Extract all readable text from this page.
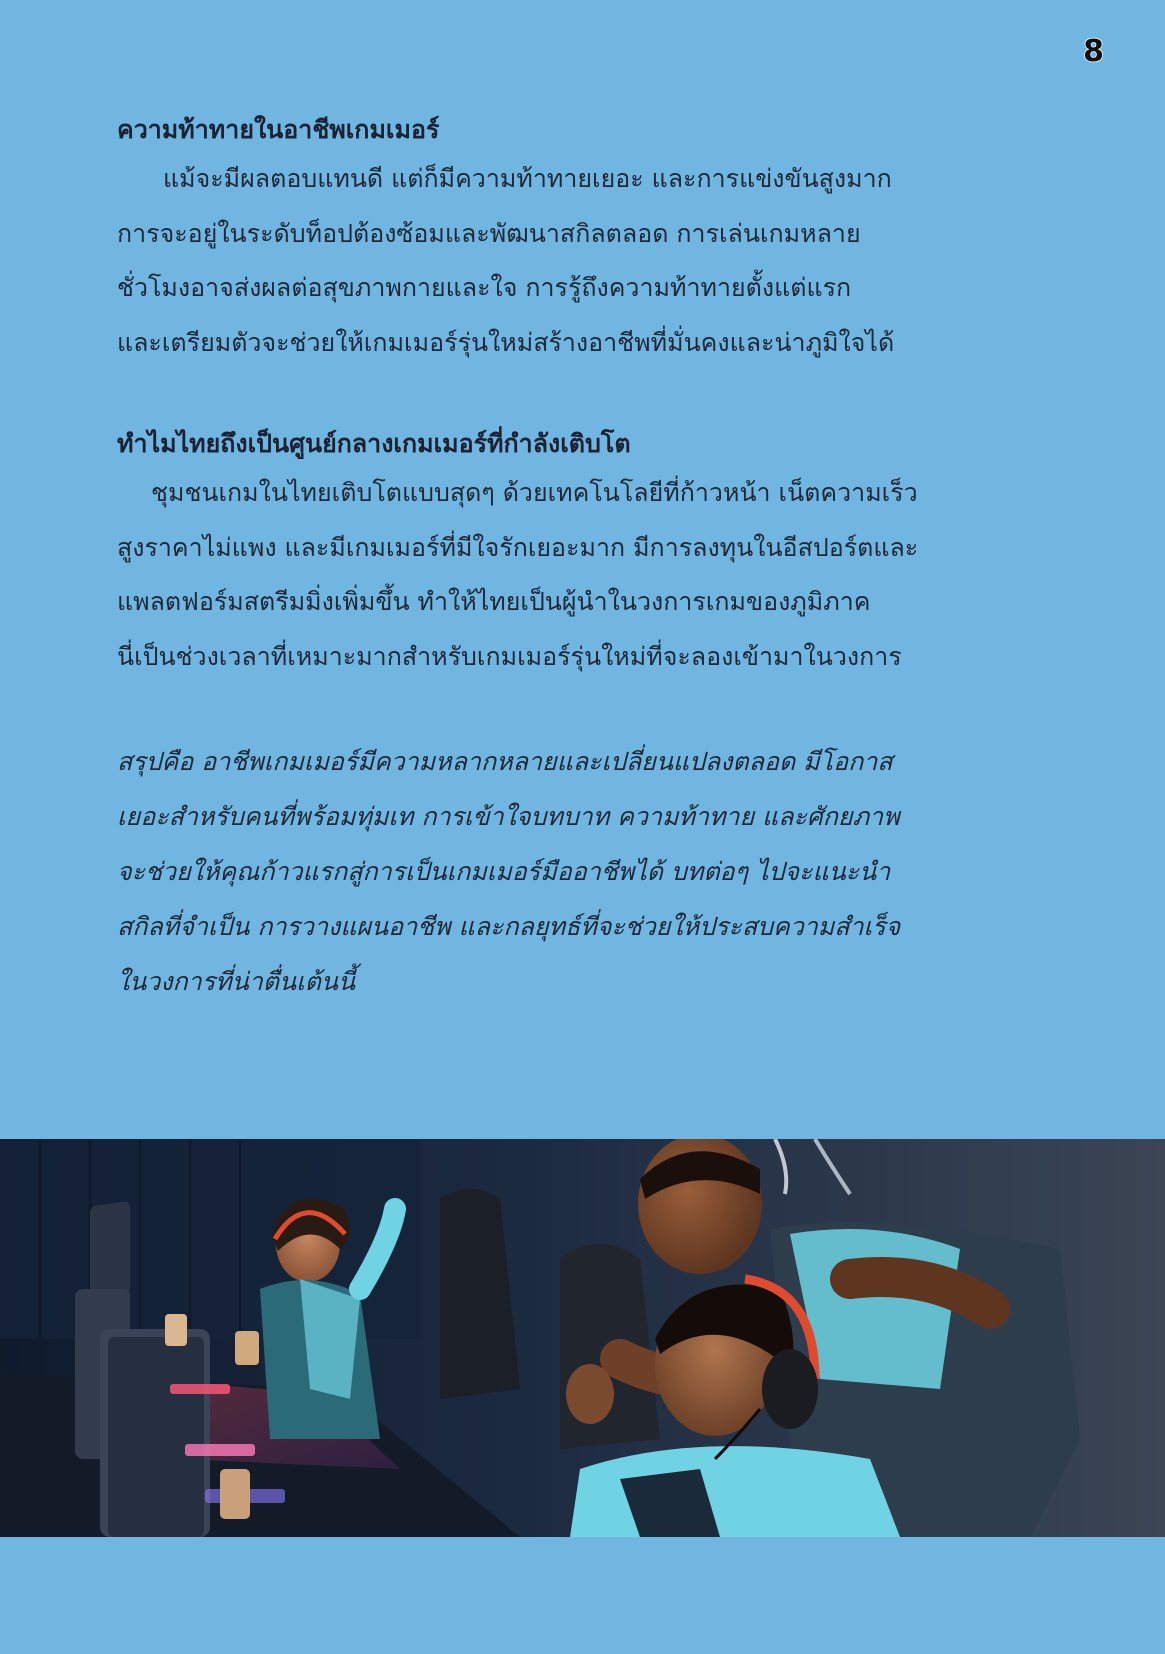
8
ความท้าทายในอาชีพเกมเมอร์

แม้จะมีผลตอบแทนดี แต่ก็มีความท้าทายเยอะ และการแข่งขันสูงมาก
การจะอยู่ในระดับท็อปต้องซ้อมและพัฒนาสกิลตลอด การเล่นเกมหลาย
ชั่วโมงอาจส่งผลต่อสุขภาพกายและใจ การรู้ถึงความท้าทายตั้งแต่แรก
และเตรียมตัวจะช่วยให้เกมเมอร์รุ่นใหม่สร้างอาชีพที่มั่นคงและน่าภูมิใจได้

ทำไมไทยถึงเป็นศูนย์กลางเกมเมอร์ที่กำลังเติบโต

ชุมชนเกมในไทยเติบโตแบบสุดๆ ด้วยเทคโนโลยีที่ก้าวหน้า เน็ตความเร็ว
สูงราคาไม่แพง และมีเกมเมอร์ที่มีใจรักเยอะมาก มีการลงทุนในอีสปอร์ตและ
แพลตฟอร์มสตรีมมิ่งเพิ่มขึ้น ทำให้ไทยเป็นผู้นำในวงการเกมของภูมิภาค
นี่เป็นช่วงเวลาที่เหมาะมากสำหรับเกมเมอร์รุ่นใหม่ที่จะลองเข้ามาในวงการ

สรุปคือ อาชีพเกมเมอร์มีความหลากหลายและเปลี่ยนแปลงตลอด มีโอกาส
เยอะสำหรับคนที่พร้อมทุ่มเท การเข้าใจบทบาท ความท้าทาย และศักยภาพ
จะช่วยให้คุณก้าวแรกสู่การเป็นเกมเมอร์มืออาชีพได้ บทต่อๆ ไปจะแนะนำ
สกิลที่จำเป็น การวางแผนอาชีพ และกลยุทธ์ที่จะช่วยให้ประสบความสำเร็จ
ในวงการที่น่าตื่นเต้นนี้
